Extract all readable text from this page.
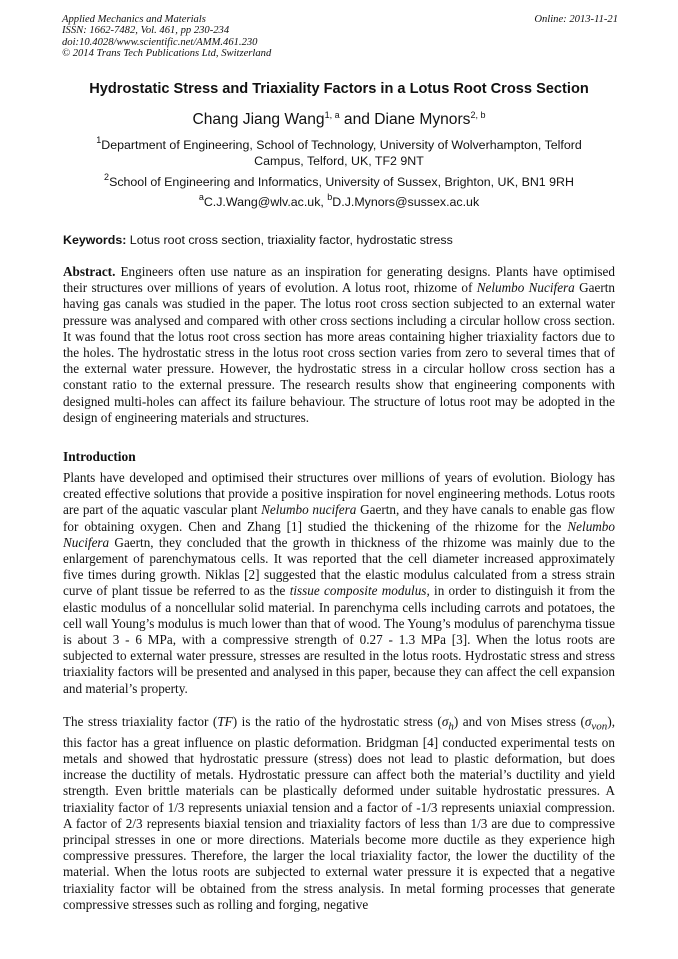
Applied Mechanics and Materials
ISSN: 1662-7482, Vol. 461, pp 230-234
doi:10.4028/www.scientific.net/AMM.461.230
© 2014 Trans Tech Publications Ltd, Switzerland
Online: 2013-11-21
Hydrostatic Stress and Triaxiality Factors in a Lotus Root Cross Section
Chang Jiang Wang$^{1, a}$ and Diane Mynors$^{2, b}$
$^1$Department of Engineering, School of Technology, University of Wolverhampton, Telford
Campus, Telford, UK, TF2 9NT
$^2$School of Engineering and Informatics, University of Sussex, Brighton, UK, BN1 9RH
$^a$C.J.Wang@wlv.ac.uk, $^b$D.J.Mynors@sussex.ac.uk
Keywords: Lotus root cross section, triaxiality factor, hydrostatic stress
Abstract. Engineers often use nature as an inspiration for generating designs. Plants have optimised their structures over millions of years of evolution. A lotus root, rhizome of Nelumbo Nucifera Gaertn having gas canals was studied in the paper. The lotus root cross section subjected to an external water pressure was analysed and compared with other cross sections including a circular hollow cross section. It was found that the lotus root cross section has more areas containing higher triaxiality factors due to the holes. The hydrostatic stress in the lotus root cross section varies from zero to several times that of the external water pressure. However, the hydrostatic stress in a circular hollow cross section has a constant ratio to the external pressure. The research results show that engineering components with designed multi-holes can affect its failure behaviour. The structure of lotus root may be adopted in the design of engineering materials and structures.
Introduction
Plants have developed and optimised their structures over millions of years of evolution. Biology has created effective solutions that provide a positive inspiration for novel engineering methods. Lotus roots are part of the aquatic vascular plant Nelumbo nucifera Gaertn, and they have canals to enable gas flow for obtaining oxygen. Chen and Zhang [1] studied the thickening of the rhizome for the Nelumbo Nucifera Gaertn, they concluded that the growth in thickness of the rhizome was mainly due to the enlargement of parenchymatous cells. It was reported that the cell diameter increased approximately five times during growth. Niklas [2] suggested that the elastic modulus calculated from a stress strain curve of plant tissue be referred to as the tissue composite modulus, in order to distinguish it from the elastic modulus of a noncellular solid material. In parenchyma cells including carrots and potatoes, the cell wall Young’s modulus is much lower than that of wood. The Young’s modulus of parenchyma tissue is about 3 - 6 MPa, with a compressive strength of 0.27 - 1.3 MPa [3]. When the lotus roots are subjected to external water pressure, stresses are resulted in the lotus roots. Hydrostatic stress and stress triaxiality factors will be presented and analysed in this paper, because they can affect the cell expansion and material’s property.
The stress triaxiality factor (TF) is the ratio of the hydrostatic stress $(\sigma_h)$ and von Mises stress $(\sigma_{von})$, this factor has a great influence on plastic deformation. Bridgman [4] conducted experimental tests on metals and showed that hydrostatic pressure (stress) does not lead to plastic deformation, but does increase the ductility of metals. Hydrostatic pressure can affect both the material’s ductility and yield strength. Even brittle materials can be plastically deformed under suitable hydrostatic pressures. A triaxiality factor of 1/3 represents uniaxial tension and a factor of -1/3 represents uniaxial compression. A factor of 2/3 represents biaxial tension and triaxiality factors of less than 1/3 are due to compressive principal stresses in one or more directions. Materials become more ductile as they experience high compressive pressures. Therefore, the larger the local triaxiality factor, the lower the ductility of the material. When the lotus roots are subjected to external water pressure it is expected that a negative triaxiality factor will be obtained from the stress analysis. In metal forming processes that generate compressive stresses such as rolling and forging, negative
